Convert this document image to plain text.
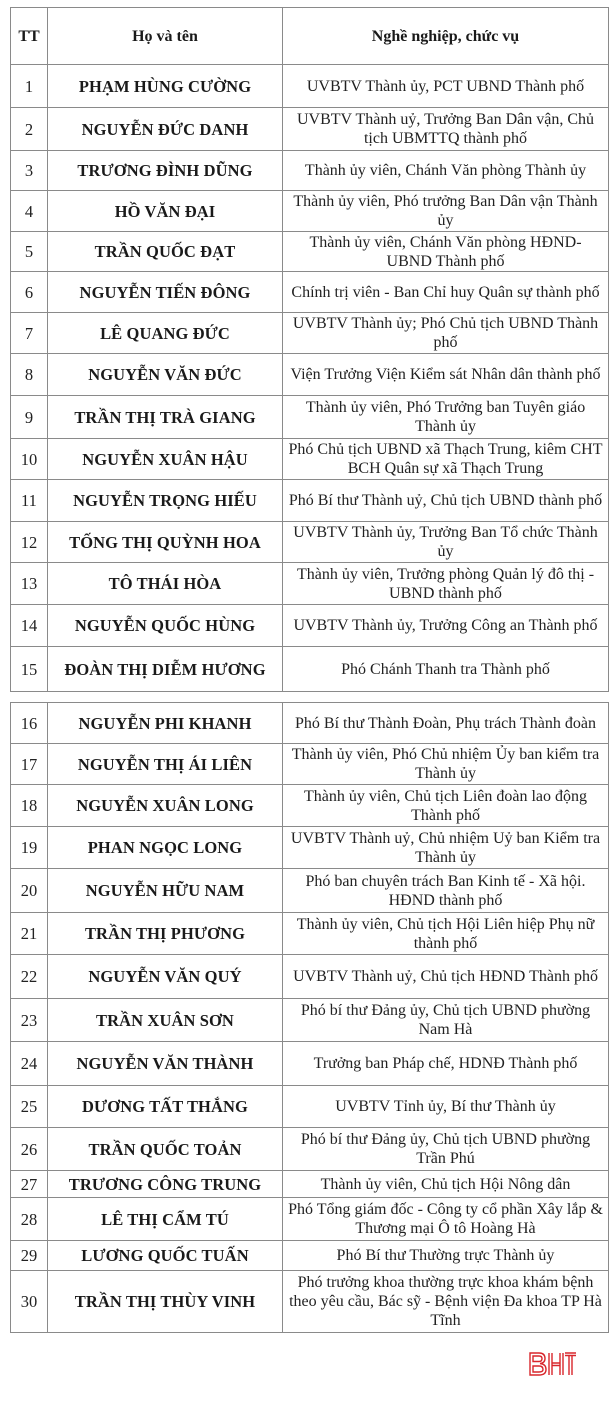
TT	Họ và tên	Nghề nghiệp, chức vụ
1	PHẠM HÙNG CƯỜNG	UVBTV Thành ủy, PCT UBND Thành phố
2	NGUYỄN ĐỨC DANH	UVBTV Thành uỷ, Trưởng Ban Dân vận, Chủ tịch UBMTTQ thành phố
3	TRƯƠNG ĐÌNH DŨNG	Thành ủy viên, Chánh Văn phòng Thành ủy
4	HỒ VĂN ĐẠI	Thành ủy viên, Phó trưởng Ban Dân vận Thành ủy
5	TRẦN QUỐC ĐẠT	Thành ủy viên, Chánh Văn phòng HĐND-UBND Thành phố
6	NGUYỄN TIẾN ĐÔNG	Chính trị viên - Ban Chỉ huy Quân sự thành phố
7	LÊ QUANG ĐỨC	UVBTV Thành ủy; Phó Chủ tịch UBND Thành phố
8	NGUYỄN VĂN ĐỨC	Viện Trưởng Viện Kiểm sát Nhân dân thành phố
9	TRẦN THỊ TRÀ GIANG	Thành ủy viên, Phó Trưởng ban Tuyên giáo Thành ủy
10	NGUYỄN XUÂN HẬU	Phó Chủ tịch UBND xã Thạch Trung, kiêm CHT BCH Quân sự xã Thạch Trung
11	NGUYỄN TRỌNG HIẾU	Phó Bí thư Thành uỷ, Chủ tịch UBND thành phố
12	TỐNG THỊ QUỲNH HOA	UVBTV Thành ủy, Trưởng Ban Tổ chức Thành ủy
13	TÔ THÁI HÒA	Thành ủy viên, Trưởng phòng Quản lý đô thị - UBND thành phố
14	NGUYỄN QUỐC HÙNG	UVBTV Thành ủy, Trưởng Công an Thành phố
15	ĐOÀN THỊ DIỄM HƯƠNG	Phó Chánh Thanh tra Thành phố

16	NGUYỄN PHI KHANH	Phó Bí thư Thành Đoàn, Phụ trách Thành đoàn
17	NGUYỄN THỊ ÁI LIÊN	Thành ủy viên, Phó Chủ nhiệm Ủy ban kiểm tra Thành ủy
18	NGUYỄN XUÂN LONG	Thành ủy viên, Chủ tịch Liên đoàn lao động Thành phố
19	PHAN NGỌC LONG	UVBTV Thành uỷ, Chủ nhiệm Uỷ ban Kiểm tra Thành ủy
20	NGUYỄN HỮU NAM	Phó ban chuyên trách Ban Kinh tế - Xã hội. HĐND thành phố
21	TRẦN THỊ PHƯƠNG	Thành ủy viên, Chủ tịch Hội Liên hiệp Phụ nữ thành phố
22	NGUYỄN VĂN QUÝ	UVBTV Thành uỷ, Chủ tịch HĐND Thành phố
23	TRẦN XUÂN SƠN	Phó bí thư Đảng ủy, Chủ tịch UBND phường Nam Hà
24	NGUYỄN VĂN THÀNH	Trưởng ban Pháp chế, HDNĐ Thành phố
25	DƯƠNG TẤT THẮNG	UVBTV Tỉnh ủy, Bí thư Thành ủy
26	TRẦN QUỐC TOẢN	Phó bí thư Đảng ủy, Chủ tịch UBND phường Trần Phú
27	TRƯƠNG CÔNG TRUNG	Thành ủy viên, Chủ tịch Hội Nông dân
28	LÊ THỊ CẨM TÚ	Phó Tổng giám đốc - Công ty cổ phần Xây lắp & Thương mại Ô tô Hoàng Hà
29	LƯƠNG QUỐC TUẤN	Phó Bí thư Thường trực Thành ủy
30	TRẦN THỊ THÙY VINH	Phó trưởng khoa thường trực khoa khám bệnh theo yêu cầu, Bác sỹ - Bệnh viện Đa khoa TP Hà Tĩnh
